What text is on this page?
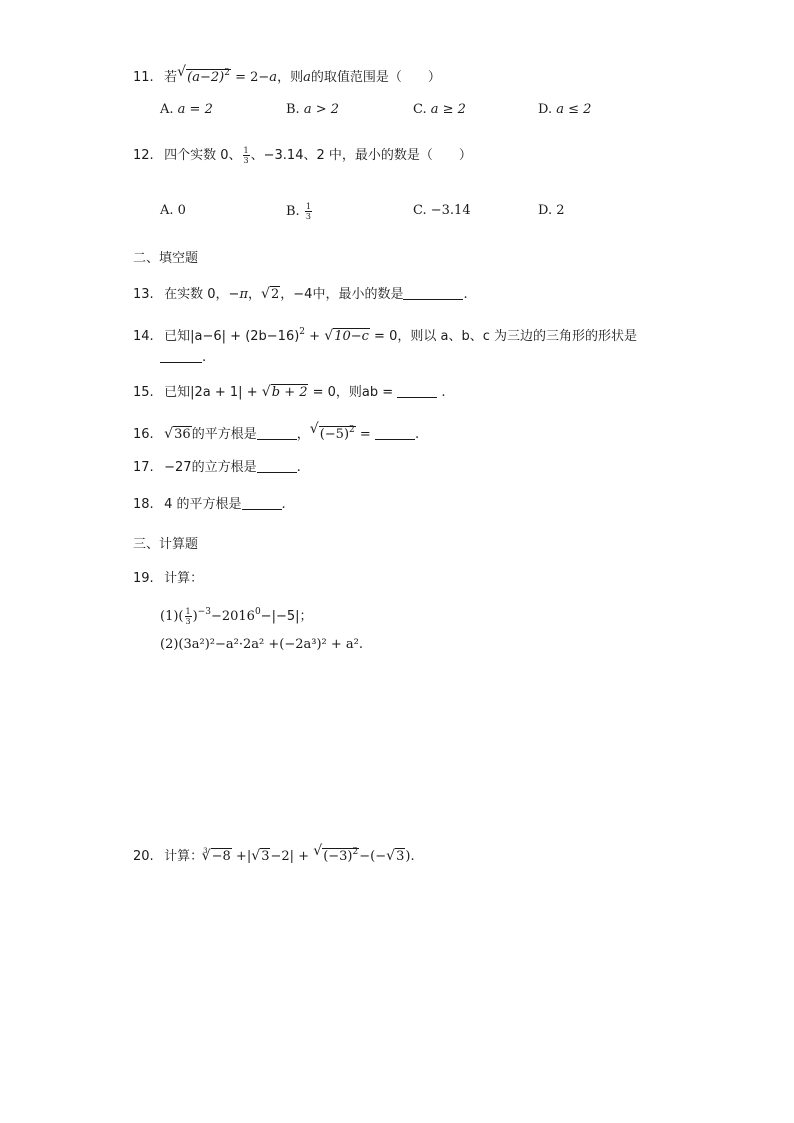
11. 若√ $(a-2)^2 = 2-a$，则a的取值范围是（　　）
A. a = 2	B. a > 2	C. a ≥ 2	D. a ≤ 2
12. 四个实数 0、 $\frac{1}{3}$ 、−3.14、2 中，最小的数是（　　）
A. 0	B. $\frac{1}{3}$	C. −3.14	D. 2
二、填空题
13. 在实数 0，−π，√ 2，−4中，最小的数是	.
14. 已知$|a-6| + (2b-16)^2$ + √ 10−c = 0，则以 a、b、c 为三边的三角形的形状是
.
15. 已知|2a + 1| + √ b + 2 = 0，则ab =	.
16. √ 36的平方根是	，√ $(-5)^2$ =	.
17. −27的立方根是	.
18. 4 的平方根是	.
三、计算题
19. 计算：
$(1)( \frac{1}{3} )^{-3}-2016^0-|-5|$；
(2)(3a²)²−a²·2a² +(−2a³)² + a².
20. 计算：$^3$√ −8 +|√ 3−2| + √ $(-3)^2-(-√$ 3).
